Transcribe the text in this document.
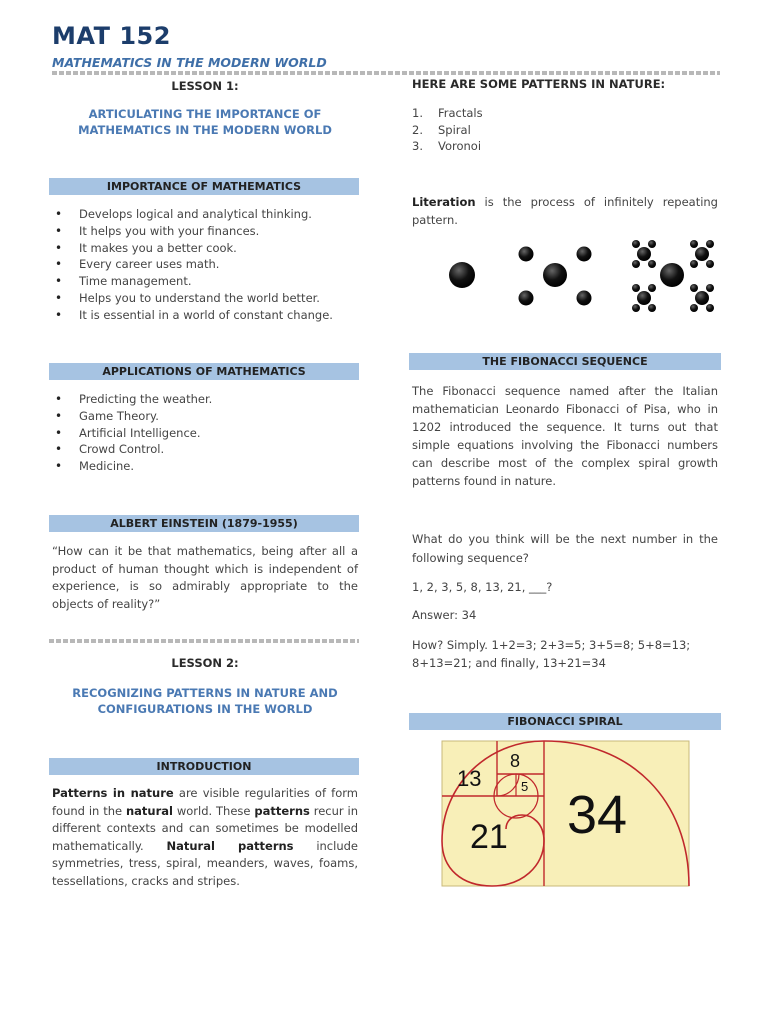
MAT 152
MATHEMATICS IN THE MODERN WORLD
LESSON 1:
ARTICULATING THE IMPORTANCE OF
MATHEMATICS IN THE MODERN WORLD
IMPORTANCE OF MATHEMATICS
• Develops logical and analytical thinking.
• It helps you with your finances.
• It makes you a better cook.
• Every career uses math.
• Time management.
• Helps you to understand the world better.
• It is essential in a world of constant change.
APPLICATIONS OF MATHEMATICS
• Predicting the weather.
• Game Theory.
• Artificial Intelligence.
• Crowd Control.
• Medicine.
ALBERT EINSTEIN (1879-1955)
“How can it be that mathematics, being after all a product of human thought which is independent of experience, is so admirably appropriate to the objects of reality?”
LESSON 2:
RECOGNIZING PATTERNS IN NATURE AND
CONFIGURATIONS IN THE WORLD
INTRODUCTION
Patterns in nature are visible regularities of form found in the natural world. These patterns recur in different contexts and can sometimes be modelled mathematically. Natural patterns include symmetries, tress, spiral, meanders, waves, foams, tessellations, cracks and stripes.
HERE ARE SOME PATTERNS IN NATURE:
1. Fractals
2. Spiral
3. Voronoi
Literation is the process of infinitely repeating pattern.
THE FIBONACCI SEQUENCE
The Fibonacci sequence named after the Italian mathematician Leonardo Fibonacci of Pisa, who in 1202 introduced the sequence. It turns out that simple equations involving the Fibonacci numbers can describe most of the complex spiral growth patterns found in nature.
What do you think will be the next number in the following sequence?
1, 2, 3, 5, 8, 13, 21, ___?
Answer: 34
How? Simply. 1+2=3; 2+3=5; 3+5=8; 5+8=13;
8+13=21; and finally, 13+21=34
FIBONACCI SPIRAL
34
21
13
8
5
